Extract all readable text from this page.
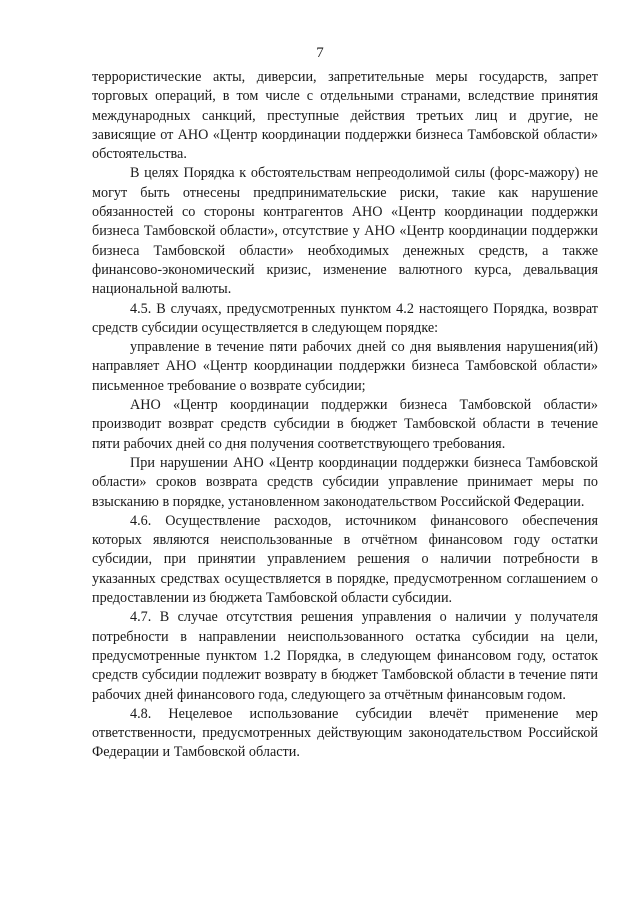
7

террористические акты, диверсии, запретительные меры государств, запрет торговых операций, в том числе с отдельными странами, вследствие принятия международных санкций, преступные действия третьих лиц и другие, не зависящие от АНО «Центр координации поддержки бизнеса Тамбовской области» обстоятельства.

В целях Порядка к обстоятельствам непреодолимой силы (форс-мажору) не могут быть отнесены предпринимательские риски, такие как нарушение обязанностей со стороны контрагентов АНО «Центр координации поддержки бизнеса Тамбовской области», отсутствие у АНО «Центр координации поддержки бизнеса Тамбовской области» необходимых денежных средств, а также финансово-экономический кризис, изменение валютного курса, девальвация национальной валюты.

4.5. В случаях, предусмотренных пунктом 4.2 настоящего Порядка, возврат средств субсидии осуществляется в следующем порядке:

управление в течение пяти рабочих дней со дня выявления нарушения(ий) направляет АНО «Центр координации поддержки бизнеса Тамбовской области» письменное требование о возврате субсидии;

АНО «Центр координации поддержки бизнеса Тамбовской области» производит возврат средств субсидии в бюджет Тамбовской области в течение пяти рабочих дней со дня получения соответствующего требования.

При нарушении АНО «Центр координации поддержки бизнеса Тамбовской области» сроков возврата средств субсидии управление принимает меры по взысканию в порядке, установленном законодательством Российской Федерации.

4.6. Осуществление расходов, источником финансового обеспечения которых являются неиспользованные в отчётном финансовом году остатки субсидии, при принятии управлением решения о наличии потребности в указанных средствах осуществляется в порядке, предусмотренном соглашением о предоставлении из бюджета Тамбовской области субсидии.

4.7. В случае отсутствия решения управления о наличии у получателя потребности в направлении неиспользованного остатка субсидии на цели, предусмотренные пунктом 1.2 Порядка, в следующем финансовом году, остаток средств субсидии подлежит возврату в бюджет Тамбовской области в течение пяти рабочих дней финансового года, следующего за отчётным финансовым годом.

4.8. Нецелевое использование субсидии влечёт применение мер ответственности, предусмотренных действующим законодательством Российской Федерации и Тамбовской области.
